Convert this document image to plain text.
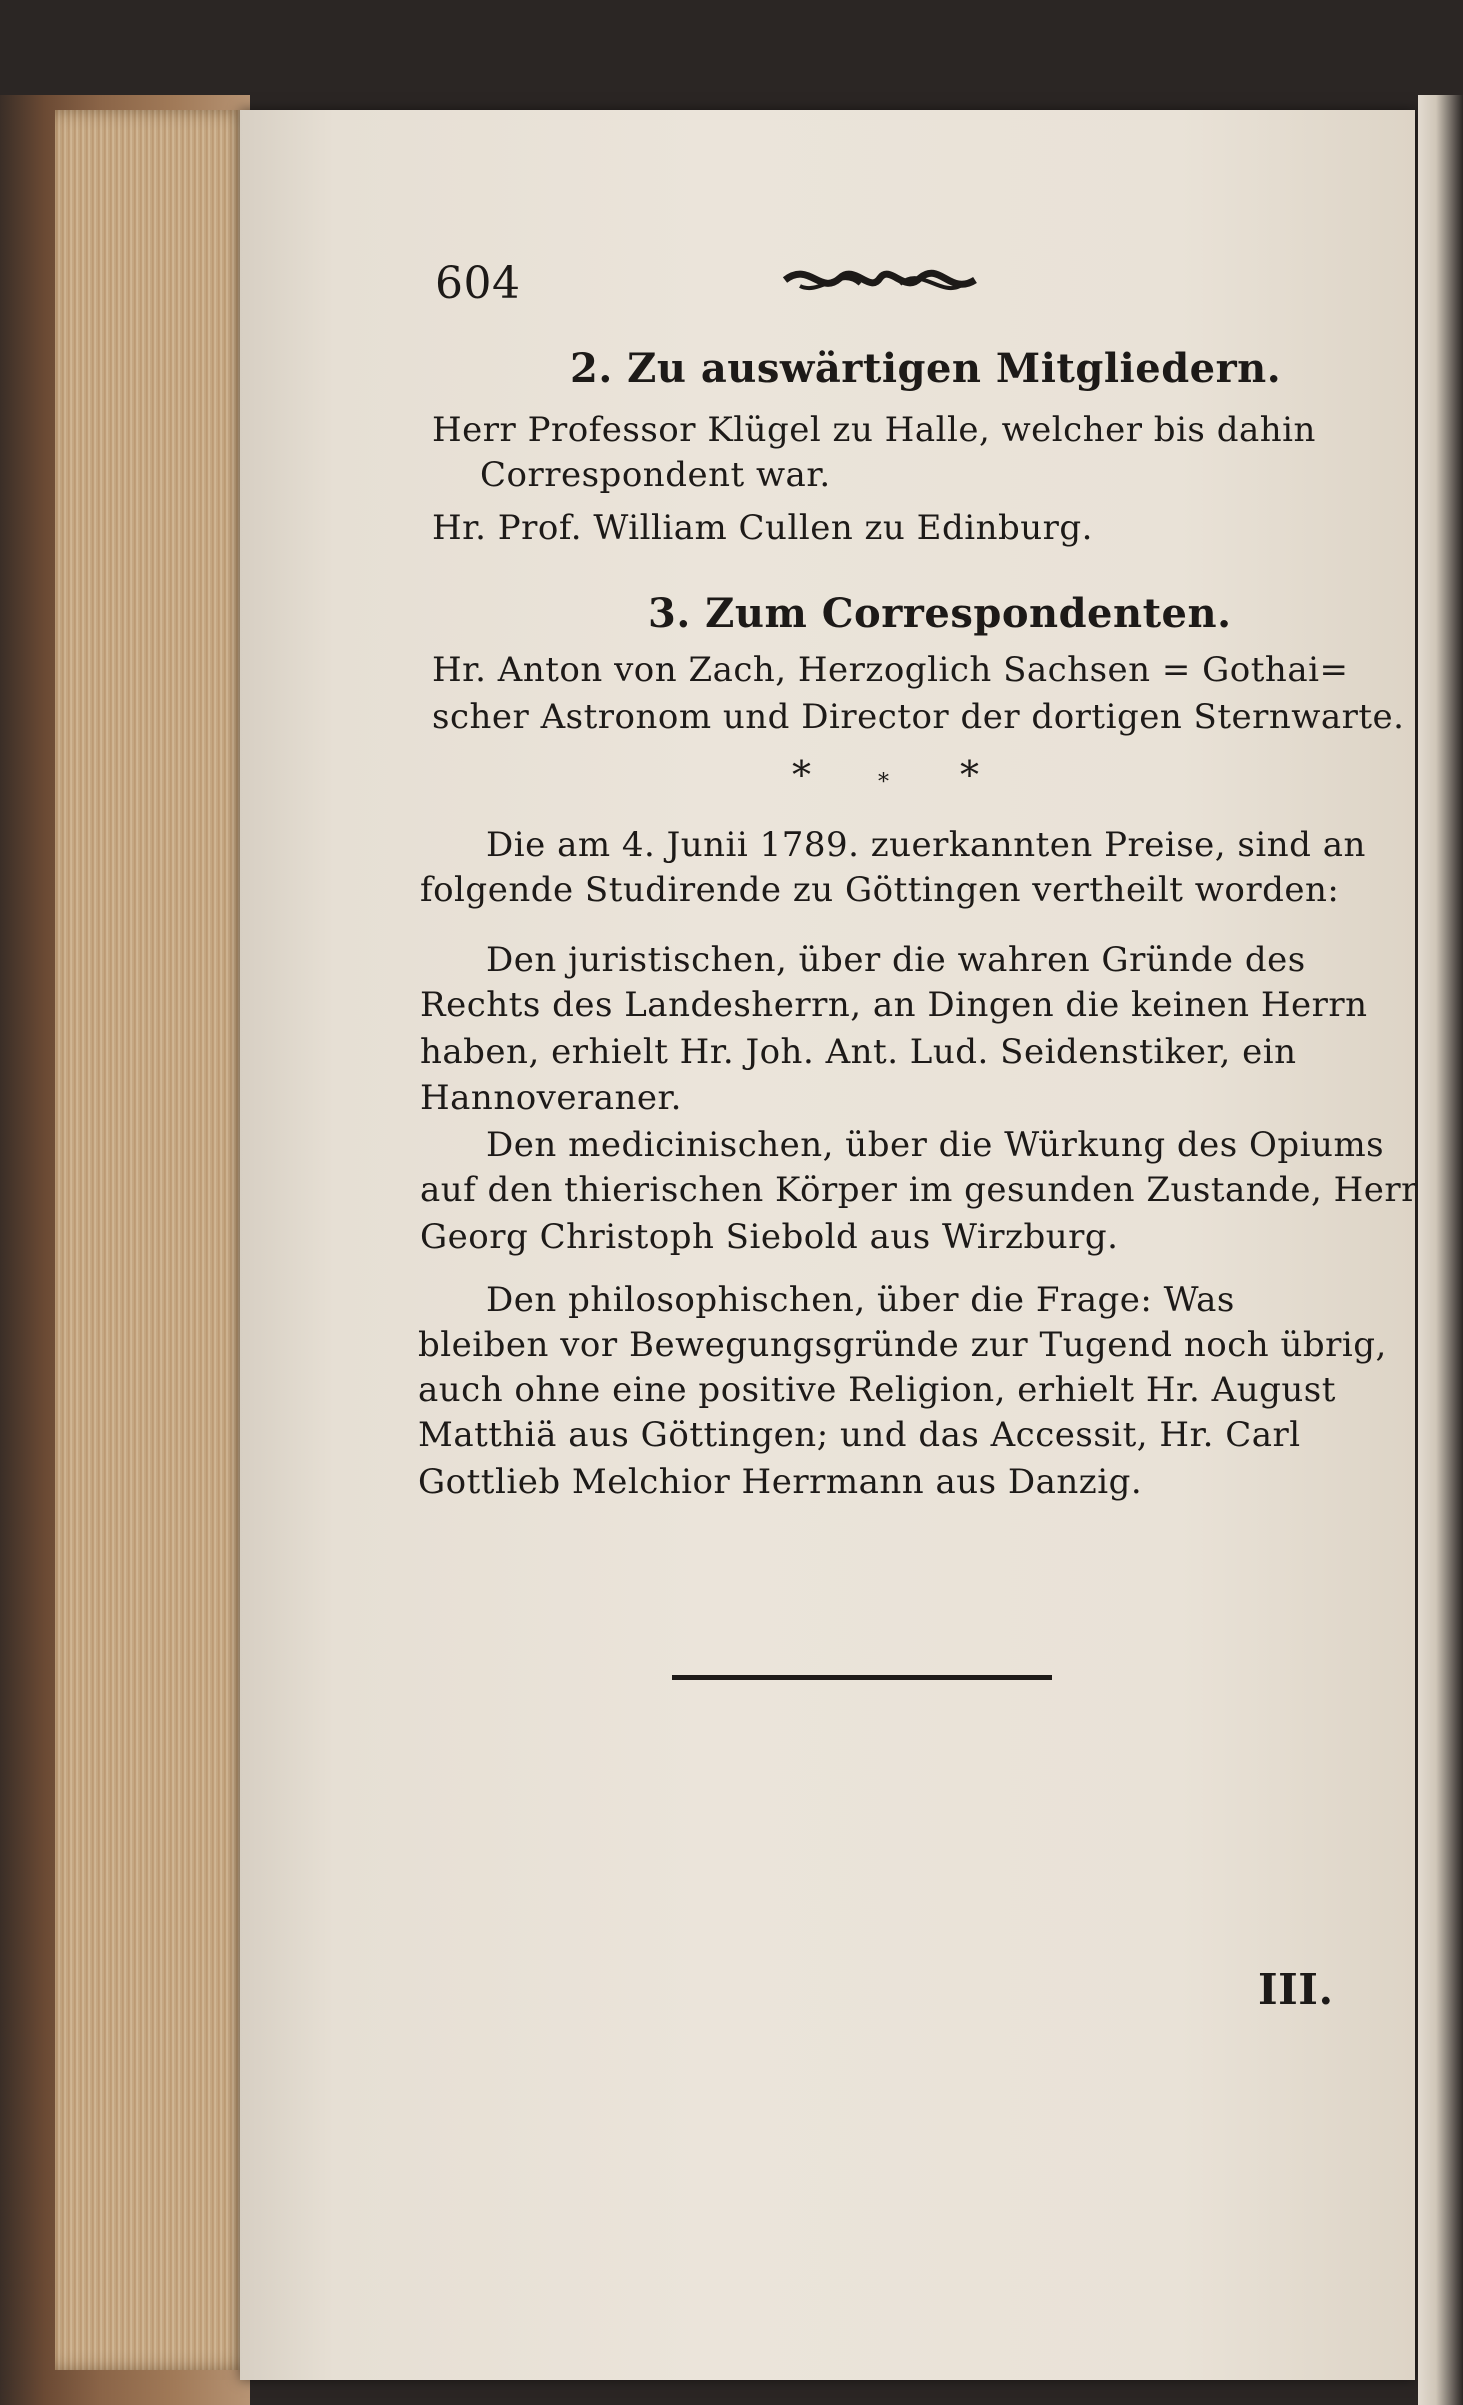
604
2. Zu auswärtigen Mitgliedern.
Herr Professor Klügel zu Halle, welcher bis dahin
Correspondent war.
Hr. Prof. William Cullen zu Edinburg.
3. Zum Correspondenten.
Hr. Anton von Zach, Herzoglich Sachsen = Gothai=
scher Astronom und Director der dortigen Sternwarte.
*	* *
Die am 4. Junii 1789. zuerkannten Preise, sind an
folgende Studirende zu Göttingen vertheilt worden:
Den juristischen, über die wahren Gründe des
Rechts des Landesherrn, an Dingen die keinen Herrn
haben, erhielt Hr. Joh. Ant. Lud. Seidenstiker, ein
Hannoveraner.
Den medicinischen, über die Würkung des Opiums
auf den thierischen Körper im gesunden Zustande, Herr
Georg Christoph Siebold aus Wirzburg.
Den philosophischen, über die Frage: Was
bleiben vor Bewegungsgründe zur Tugend noch übrig,
auch ohne eine positive Religion, erhielt Hr. August
Matthiä aus Göttingen; und das Accessit, Hr. Carl
Gottlieb Melchior Herrmann aus Danzig.
III.
